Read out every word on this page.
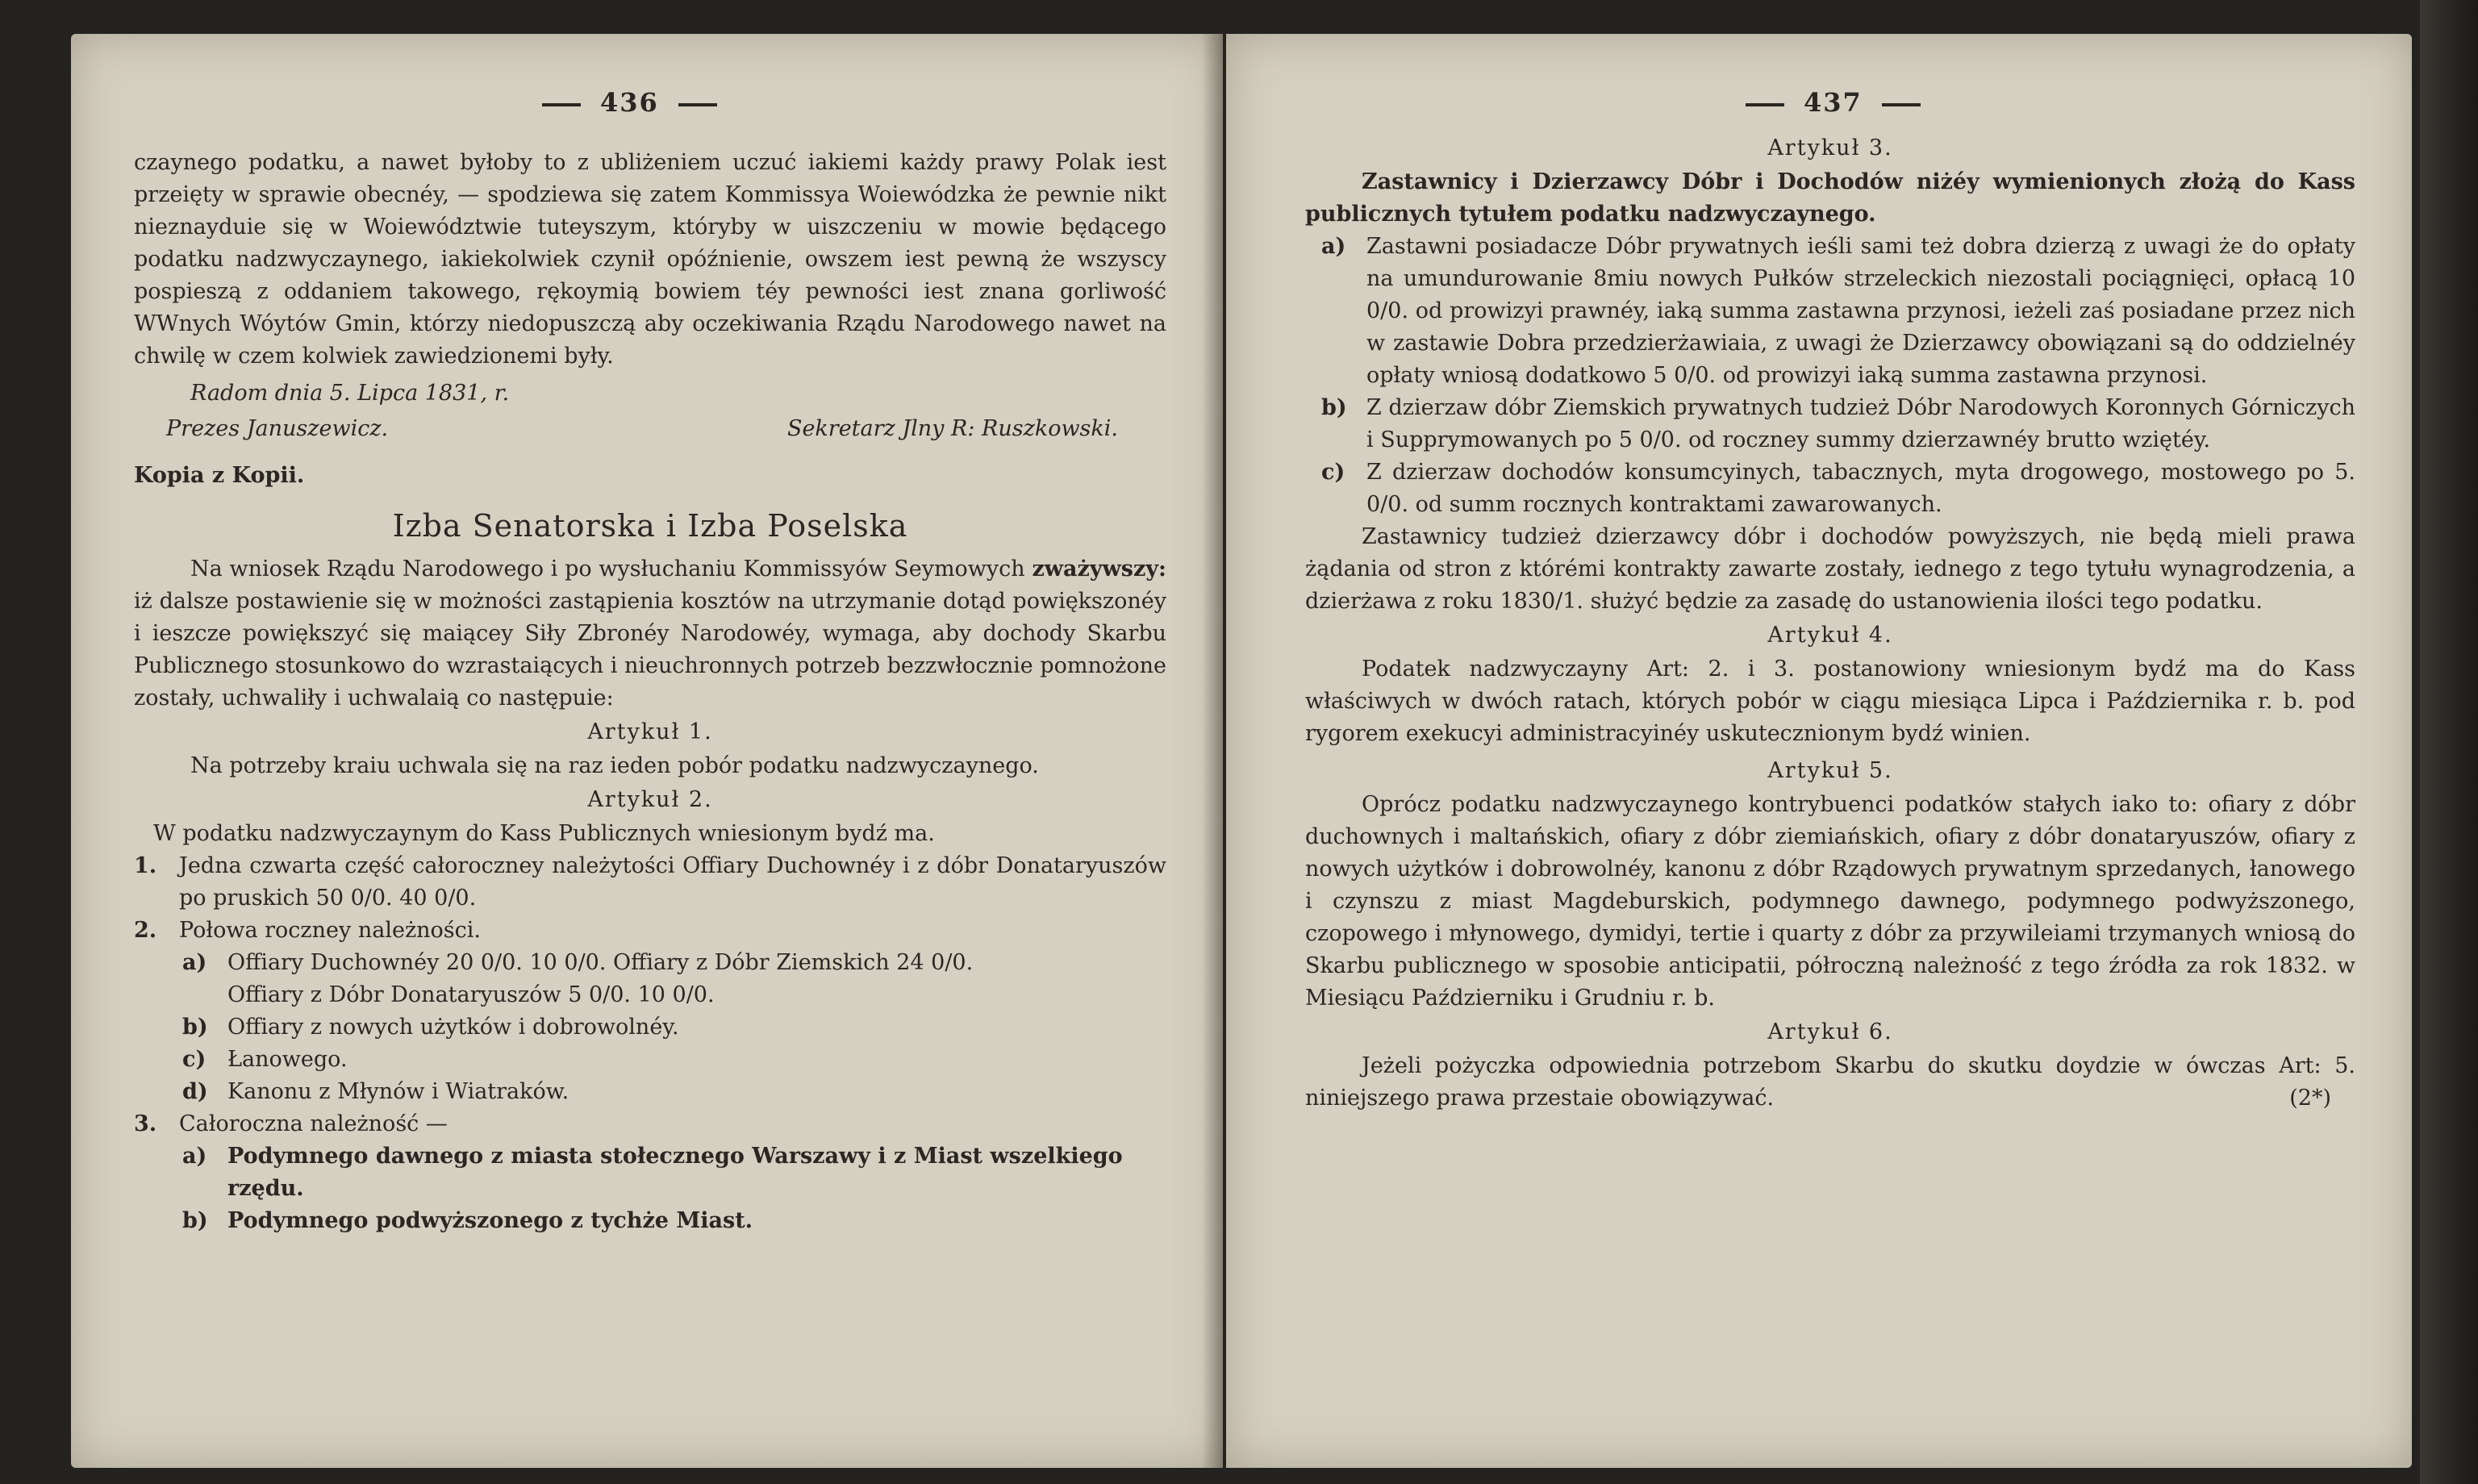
436

czaynego podatku, a nawet byłoby to z ubliżeniem uczuć iakiemi każdy prawy Polak iest przeięty w sprawie obecnéy, — spodziewa się zatem Kommissya Woiewódzka że pewnie nikt nieznayduie się w Woiewództwie tuteyszym, któryby w uiszczeniu w mowie będącego podatku nadzwyczaynego, iakiekolwiek czynił opóźnienie, owszem iest pewną że wszyscy pospieszą z oddaniem takowego, rękoymią bowiem téy pewności iest znana gorliwość WWnych Wóytów Gmin, którzy niedopuszczą aby oczekiwania Rządu Narodowego nawet na chwilę w czem kolwiek zawiedzionemi były.

Radom dnia 5. Lipca 1831, r.

Prezes Januszewicz.	Sekretarz Jlny R: Ruszkowski.

Kopia z Kopii.

Izba Senatorska i Izba Poselska

Na wniosek Rządu Narodowego i po wysłuchaniu Kommissyów Seymowych zważywszy: iż dalsze postawienie się w możności zastąpienia kosztów na utrzymanie dotąd powiększonéy i ieszcze powiększyć się maiącey Siły Zbronéy Narodowéy, wymaga, aby dochody Skarbu Publicznego stosunkowo do wzrastaiących i nieuchronnych potrzeb bezzwłocznie pomnożone zostały, uchwaliły i uchwalaią co następuie:

Artykuł 1.

Na potrzeby kraiu uchwala się na raz ieden pobór podatku nadzwyczaynego.

Artykuł 2.

W podatku nadzwyczaynym do Kass Publicznych wniesionym bydź ma.

1.	Jedna czwarta część całoroczney należytości Offiary Duchownéy i z dóbr Donataryuszów po pruskich 50 0/0. 40 0/0.
2.	Połowa roczney należności.
a) Offiary Duchownéy 20 0/0. 10 0/0. Offiary z Dóbr Ziemskich 24 0/0.
Offiary z Dóbr Donataryuszów 5 0/0. 10 0/0.
b) Offiary z nowych użytków i dobrowolnéy.
c) Łanowego.
d) Kanonu z Młynów i Wiatraków.
3.	Całoroczna należność —
a) Podymnego dawnego z miasta stołecznego Warszawy i z Miast wszelkiego rzędu.
b) Podymnego podwyższonego z tychże Miast.
437
Artykuł 3.

Zastawnicy i Dzierzawcy Dóbr i Dochodów niżéy wymienionych złożą do Kass publicznych tytułem podatku nadzwyczaynego.

a) Zastawni posiadacze Dóbr prywatnych ieśli sami też dobra dzierzą z uwagi że do opłaty na umundurowanie 8miu nowych Pułków strzeleckich niezostali pociągnięci, opłacą 10 0/0. od prowizyi prawnéy, iaką summa zastawna przynosi, ieżeli zaś posiadane przez nich w zastawie Dobra przedzierżawiaia, z uwagi że Dzierzawcy obowiązani są do oddzielnéy opłaty wniosą dodatkowo 5 0/0. od prowizyi iaką summa zastawna przynosi.
b) Z dzierzaw dóbr Ziemskich prywatnych tudzież Dóbr Narodowych Koronnych Górniczych i Supprymowanych po 5 0/0. od roczney summy dzierzawnéy brutto wziętéy.
c) Z dzierzaw dochodów konsumcyinych, tabacznych, myta drogowego, mostowego po 5. 0/0. od summ rocznych kontraktami zawarowanych.

Zastawnicy tudzież dzierzawcy dóbr i dochodów powyższych, nie będą mieli prawa żądania od stron z którémi kontrakty zawarte zostały, iednego z tego tytułu wynagrodzenia, a dzierżawa z roku 1830/1. służyć będzie za zasadę do ustanowienia ilości tego podatku.

Artykuł 4.

Podatek nadzwyczayny Art: 2. i 3. postanowiony wniesionym bydź ma do Kass właściwych w dwóch ratach, których pobór w ciągu miesiąca Lipca i Października r. b. pod rygorem exekucyi administracyinéy uskutecznionym bydź winien.

Artykuł 5.

Oprócz podatku nadzwyczaynego kontrybuenci podatków stałych iako to: ofiary z dóbr duchownych i maltańskich, ofiary z dóbr ziemiańskich, ofiary z dóbr donataryuszów, ofiary z nowych użytków i dobrowolnéy, kanonu z dóbr Rządowych prywatnym sprzedanych, łanowego i czynszu z miast Magdeburskich, podymnego dawnego, podymnego podwyższonego, czopowego i młynowego, dymidyi, tertie i quarty z dóbr za przywileiami trzymanych wniosą do Skarbu publicznego w sposobie anticipatii, półroczną należność z tego źródła za rok 1832. w Miesiącu Październiku i Grudniu r. b.

Artykuł 6.

Jeżeli pożyczka odpowiednia potrzebom Skarbu do skutku doydzie w ówczas Art: 5. niniejszego prawa przestaie obowiązywać.	(2*)
